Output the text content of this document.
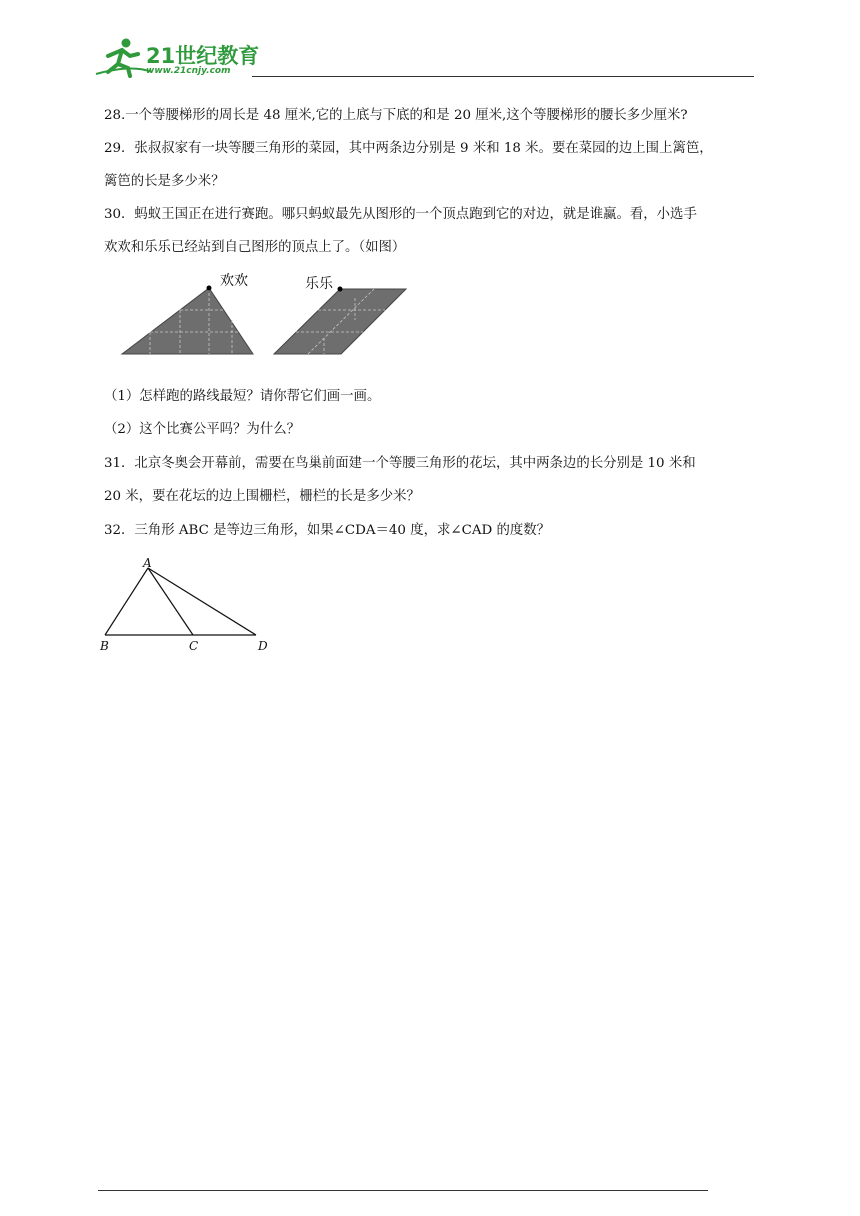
21世纪教育
www.21cnjy.com
28.一个等腰梯形的周长是 48 厘米,它的上底与下底的和是 20 厘米,这个等腰梯形的腰长多少厘米?
29．张叔叔家有一块等腰三角形的菜园，其中两条边分别是 9 米和 18 米。要在菜园的边上围上篱笆，
篱笆的长是多少米？
30．蚂蚁王国正在进行赛跑。哪只蚂蚁最先从图形的一个顶点跑到它的对边，就是谁赢。看，小选手
欢欢和乐乐已经站到自己图形的顶点上了。（如图）
欢欢	乐乐
（1）怎样跑的路线最短？请你帮它们画一画。
（2）这个比赛公平吗？为什么？
31．北京冬奥会开幕前，需要在鸟巢前面建一个等腰三角形的花坛，其中两条边的长分别是 10 米和
20 米，要在花坛的边上围栅栏，栅栏的长是多少米？
32．三角形 ABC 是等边三角形，如果∠CDA＝40 度，求∠CAD 的度数？
A
B	C	D
